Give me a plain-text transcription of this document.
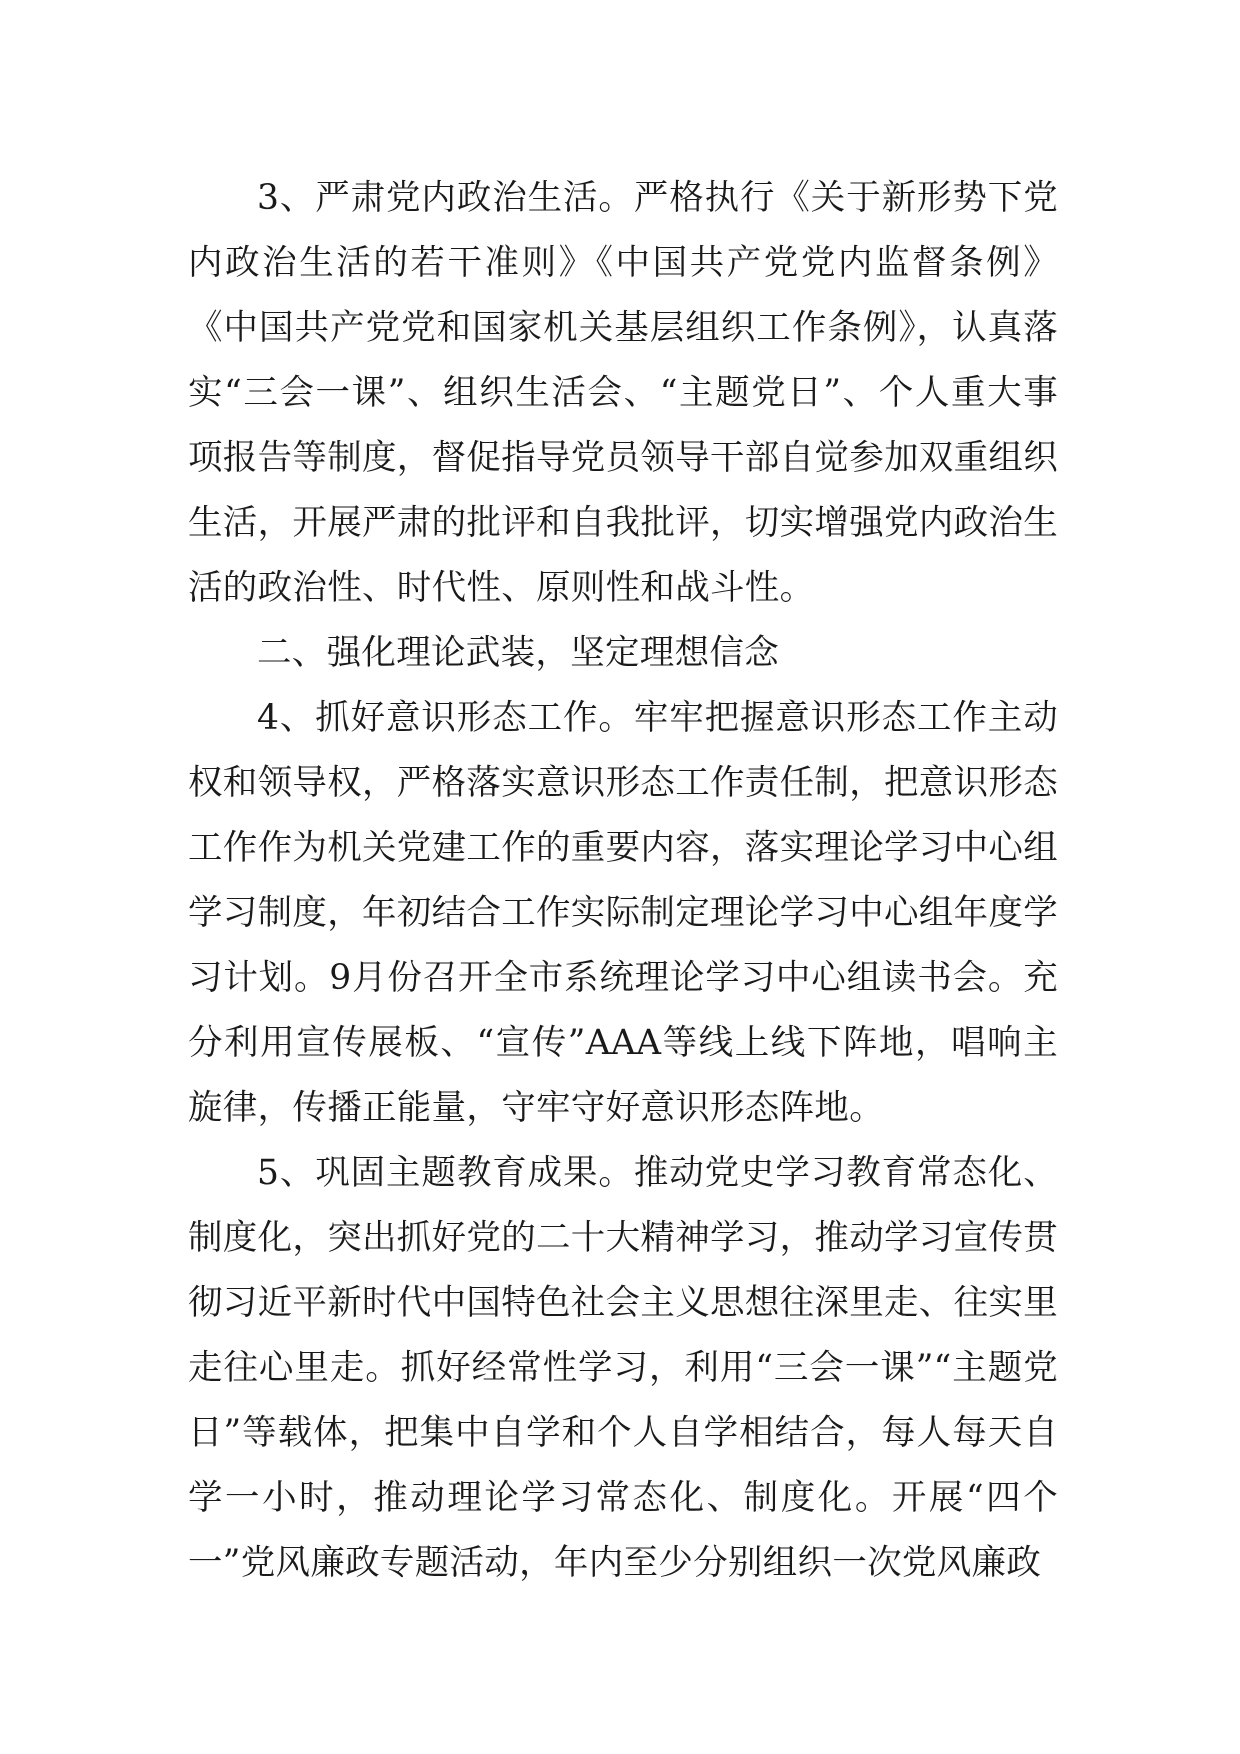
3、严肃党内政治生活。严格执行《关于新形势下党内政治生活的若干准则》《中国共产党党内监督条例》《中国共产党党和国家机关基层组织工作条例》，认真落实“三会一课”、组织生活会、“主题党日”、个人重大事项报告等制度，督促指导党员领导干部自觉参加双重组织生活，开展严肃的批评和自我批评，切实增强党内政治生活的政治性、时代性、原则性和战斗性。

二、强化理论武装，坚定理想信念

4、抓好意识形态工作。牢牢把握意识形态工作主动权和领导权，严格落实意识形态工作责任制，把意识形态工作作为机关党建工作的重要内容，落实理论学习中心组学习制度，年初结合工作实际制定理论学习中心组年度学习计划。9月份召开全市系统理论学习中心组读书会。充分利用宣传展板、“宣传”AAA等线上线下阵地，唱响主旋律，传播正能量，守牢守好意识形态阵地。

5、巩固主题教育成果。推动党史学习教育常态化、制度化，突出抓好党的二十大精神学习，推动学习宣传贯彻习近平新时代中国特色社会主义思想往深里走、往实里走往心里走。抓好经常性学习，利用“三会一课”“主题党日”等载体，把集中自学和个人自学相结合，每人每天自学一小时，推动理论学习常态化、制度化。开展“四个一”党风廉政专题活动，年内至少分别组织一次党风廉政
